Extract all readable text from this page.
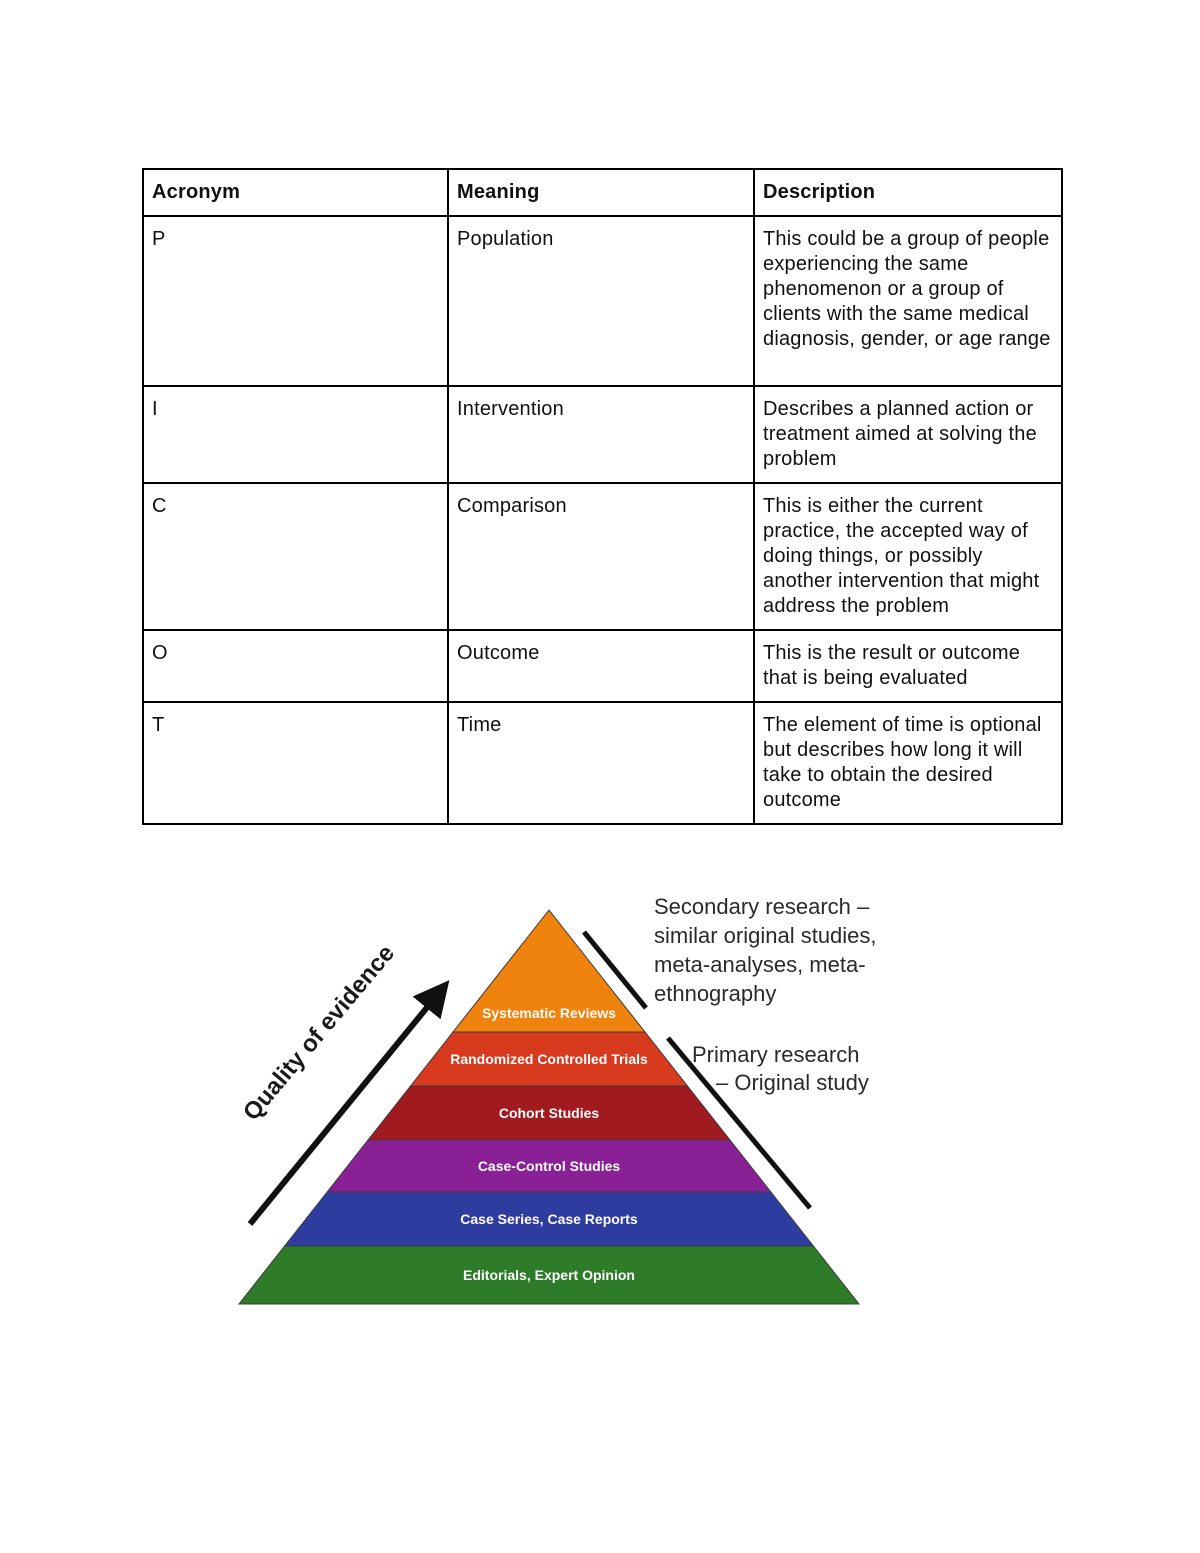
Acronym	Meaning	Description
P	Population	This could be a group of people experiencing the same phenomenon or a group of clients with the same medical diagnosis, gender, or age range
I	Intervention	Describes a planned action or treatment aimed at solving the problem
C	Comparison	This is either the current practice, the accepted way of doing things, or possibly another intervention that might address the problem
O	Outcome	This is the result or outcome that is being evaluated
T	Time	The element of time is optional but describes how long it will take to obtain the desired outcome
Systematic Reviews
Randomized Controlled Trials
Cohort Studies
Case-Control Studies
Case Series, Case Reports
Editorials, Expert Opinion
Quality of evidence
Secondary research – similar original studies, meta-analyses, meta- ethnography
Primary research – Original study
